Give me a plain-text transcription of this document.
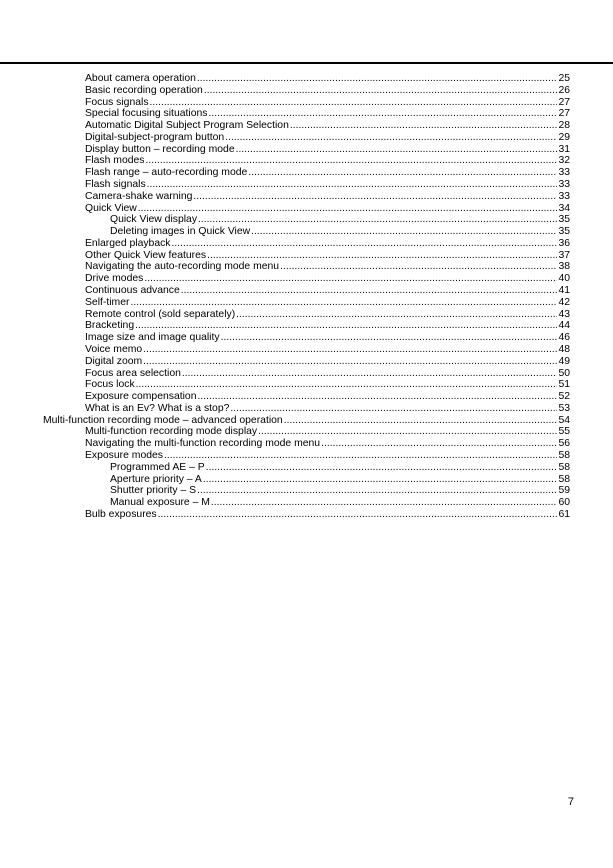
About camera operation .....	25
Basic recording operation .....	26
Focus signals .....	27
Special focusing situations .....	27
Automatic Digital Subject Program Selection .....	28
Digital-subject-program button .....	29
Display button – recording mode .....	31
Flash modes .....	32
Flash range – auto-recording mode .....	33
Flash signals .....	33
Camera-shake warning .....	33
Quick View .....	34
Quick View display .....	35
Deleting images in Quick View .....	35
Enlarged playback .....	36
Other Quick View features .....	37
Navigating the auto-recording mode menu .....	38
Drive modes .....	40
Continuous advance .....	41
Self-timer .....	42
Remote control (sold separately) .....	43
Bracketing .....	44
Image size and image quality .....	46
Voice memo .....	48
Digital zoom .....	49
Focus area selection .....	50
Focus lock .....	51
Exposure compensation .....	52
What is an Ev? What is a stop? .....	53
Multi-function recording mode – advanced operation .....	54
Multi-function recording mode display .....	55
Navigating the multi-function recording mode menu .....	56
Exposure modes .....	58
Programmed AE – P .....	58
Aperture priority – A .....	58
Shutter priority – S .....	59
Manual exposure – M .....	60
Bulb exposures .....	61
7
